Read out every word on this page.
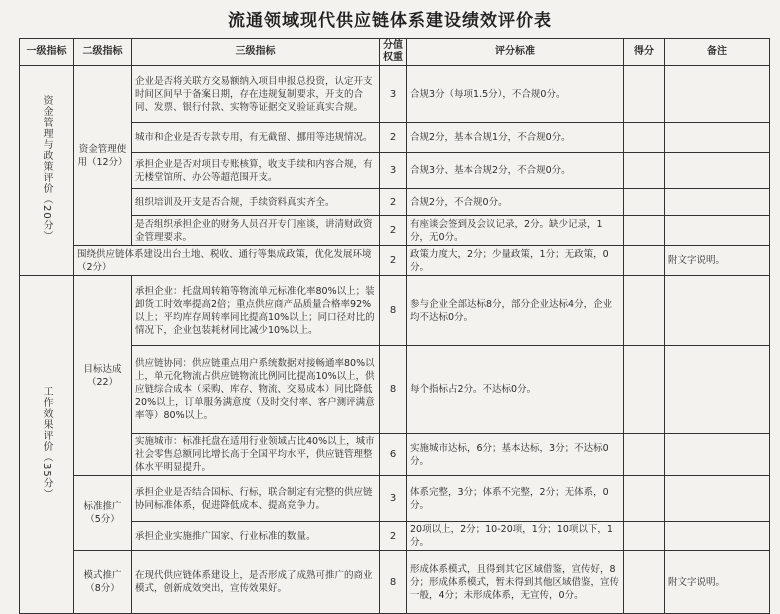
流通领域现代供应链体系建设绩效评价表
一级指标	二级指标	三级指标	分值权重	评分标准	得分	备注
资金管理与政策评价（20分）	资金管理使用（12分）	企业是否将关联方交易额纳入项目申报总投资，认定开支时间区间早于备案日期，存在违规复制要求，开支的合同、发票、银行付款、实物等证据交叉验证真实合规。	3	合规3分（每项1.5分），不合规0分。		
		城市和企业是否专款专用，有无截留、挪用等违规情况。	2	合规2分，基本合规1分，不合规0分。		
		承担企业是否对项目专账核算，收支手续和内容合规，有无楼堂馆所、办公等超范围开支。	3	合规3分、基本合规2分，不合规0分。		
		组织培训及开支是否合规，手续资料真实齐全。	2	合规2分，不合规0分。		
		是否组织承担企业的财务人员召开专门座谈，讲清财政资金管理要求。	2	有座谈会签到及会议记录，2分。缺少记录，1分，无0分。		
	围绕供应链体系建设出台土地、税收、通行等集成政策，优化发展环境（2分）		2	政策力度大，2分；少量政策，1分；无政策，0分。		附文字说明。
工作效果评价（35分）	目标达成（22）	承担企业：托盘周转箱等物流单元标准化率80%以上；装卸货工时效率提高2倍；重点供应商产品质量合格率92%以上；平均库存周转率同比提高10%以上；同口径对比的情况下，企业包装耗材同比减少10%以上。	8	参与企业全部达标8分，部分企业达标4分，企业均不达标0分。		
		供应链协同：供应链重点用户系统数据对接畅通率80%以上，单元化物流占供应链物流比例同比提高10%以上，供应链综合成本（采购、库存、物流、交易成本）同比降低20%以上，订单服务满意度（及时交付率、客户测评满意率等）80%以上。	8	每个指标占2分。不达标0分。		
		实施城市：标准托盘在适用行业领域占比40%以上，城市社会零售总额同比增长高于全国平均水平，供应链管理整体水平明显提升。	6	实施城市达标，6分；基本达标，3分；不达标0分。		
	标准推广（5分）	承担企业是否结合国标、行标，联合制定有完整的供应链协同标准体系，促进降低成本、提高竞争力。	3	体系完整，3分；体系不完整，2分；无体系，0分。		
		承担企业实施推广国家、行业标准的数量。	2	20项以上，2分；10-20项，1分；10项以下，1分。		
	模式推广（8分）	在现代供应链体系建设上，是否形成了成熟可推广的商业模式，创新成效突出，宣传效果好。	8	形成体系模式，且得到其它区域借鉴，宣传好，8分；形成体系模式，暂未得到其他区域借鉴，宣传一般，4分；未形成体系，无宣传，0分。		附文字说明。
